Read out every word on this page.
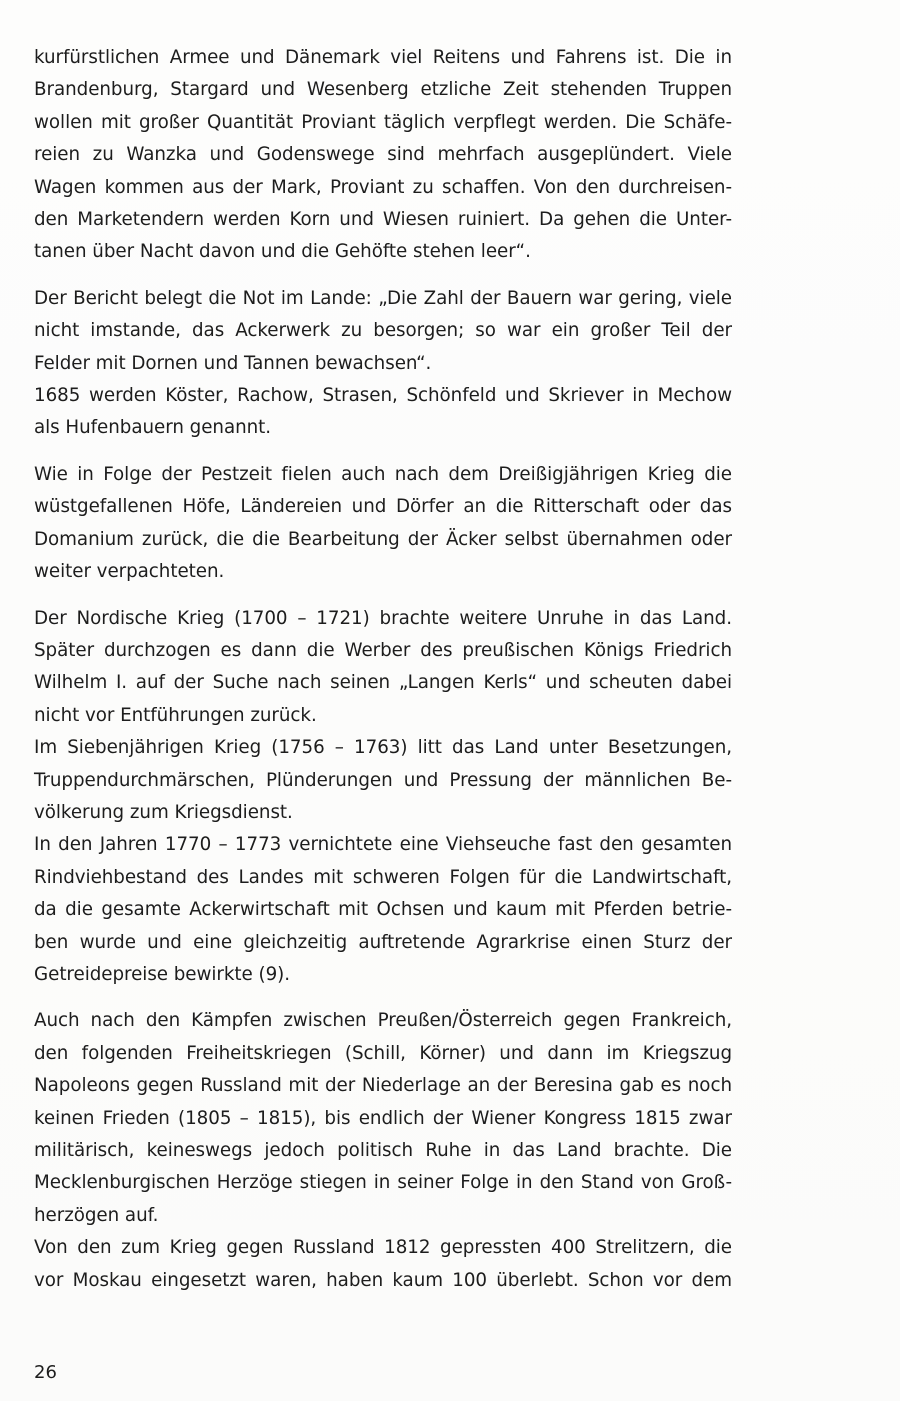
kurfürstlichen Armee und Dänemark viel Reitens und Fahrens ist. Die in
Brandenburg, Stargard und Wesenberg etzliche Zeit stehenden Truppen
wollen mit großer Quantität Proviant täglich verpflegt werden. Die Schäfe-
reien zu Wanzka und Godenswege sind mehrfach ausgeplündert. Viele
Wagen kommen aus der Mark, Proviant zu schaffen. Von den durchreisen-
den Marketendern werden Korn und Wiesen ruiniert. Da gehen die Unter-
tanen über Nacht davon und die Gehöfte stehen leer“.
Der Bericht belegt die Not im Lande: „Die Zahl der Bauern war gering, viele
nicht imstande, das Ackerwerk zu besorgen; so war ein großer Teil der
Felder mit Dornen und Tannen bewachsen“.
1685 werden Köster, Rachow, Strasen, Schönfeld und Skriever in Mechow
als Hufenbauern genannt.
Wie in Folge der Pestzeit fielen auch nach dem Dreißigjährigen Krieg die
wüstgefallenen Höfe, Ländereien und Dörfer an die Ritterschaft oder das
Domanium zurück, die die Bearbeitung der Äcker selbst übernahmen oder
weiter verpachteten.
Der Nordische Krieg (1700 – 1721) brachte weitere Unruhe in das Land.
Später durchzogen es dann die Werber des preußischen Königs Friedrich
Wilhelm I. auf der Suche nach seinen „Langen Kerls“ und scheuten dabei
nicht vor Entführungen zurück.
Im Siebenjährigen Krieg (1756 – 1763) litt das Land unter Besetzungen,
Truppendurchmärschen, Plünderungen und Pressung der männlichen Be-
völkerung zum Kriegsdienst.
In den Jahren 1770 – 1773 vernichtete eine Viehseuche fast den gesamten
Rindviehbestand des Landes mit schweren Folgen für die Landwirtschaft,
da die gesamte Ackerwirtschaft mit Ochsen und kaum mit Pferden betrie-
ben wurde und eine gleichzeitig auftretende Agrarkrise einen Sturz der
Getreidepreise bewirkte (9).
Auch nach den Kämpfen zwischen Preußen/Österreich gegen Frankreich,
den folgenden Freiheitskriegen (Schill, Körner) und dann im Kriegszug
Napoleons gegen Russland mit der Niederlage an der Beresina gab es noch
keinen Frieden (1805 – 1815), bis endlich der Wiener Kongress 1815 zwar
militärisch, keineswegs jedoch politisch Ruhe in das Land brachte. Die
Mecklenburgischen Herzöge stiegen in seiner Folge in den Stand von Groß-
herzögen auf.
Von den zum Krieg gegen Russland 1812 gepressten 400 Strelitzern, die
vor Moskau eingesetzt waren, haben kaum 100 überlebt. Schon vor dem
26
